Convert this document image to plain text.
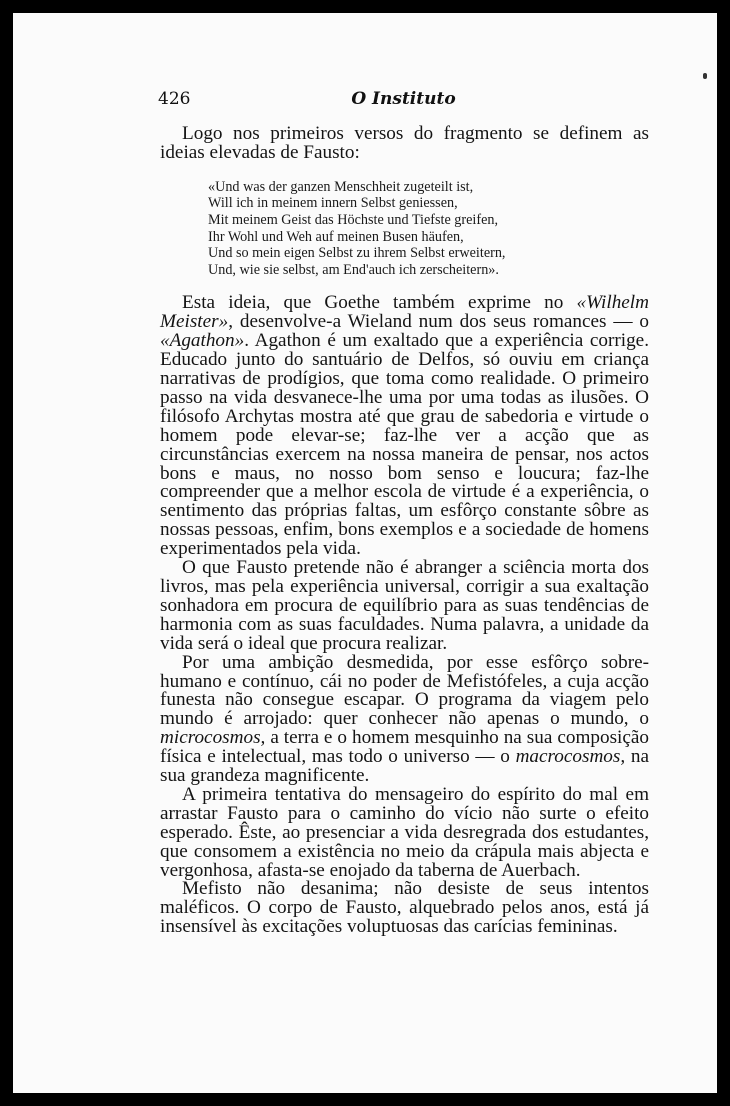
426	O Instituto

Logo nos primeiros versos do fragmento se definem as ideias elevadas de Fausto:

«Und was der ganzen Menschheit zugeteilt ist,
Will ich in meinem innern Selbst geniessen,
Mit meinem Geist das Höchste und Tiefste greifen,
Ihr Wohl und Weh auf meinen Busen häufen,
Und so mein eigen Selbst zu ihrem Selbst erweitern,
Und, wie sie selbst, am End'auch ich zerscheitern».

Esta ideia, que Goethe também exprime no «Wilhelm Meister», desenvolve-a Wieland num dos seus romances — o «Agathon». Agathon é um exaltado que a experiência corrige. Educado junto do santuário de Delfos, só ouviu em criança narrativas de prodígios, que toma como realidade. O primeiro passo na vida desvanece-lhe uma por uma todas as ilusões. O filósofo Archytas mostra até que grau de sabedoria e virtude o homem pode elevar-se; faz-lhe ver a acção que as circunstâncias exercem na nossa maneira de pensar, nos actos bons e maus, no nosso bom senso e loucura; faz-lhe compreender que a melhor escola de virtude é a experiência, o sentimento das próprias faltas, um esfôrço constante sôbre as nossas pessoas, enfim, bons exemplos e a sociedade de homens experimentados pela vida.

O que Fausto pretende não é abranger a sciência morta dos livros, mas pela experiência universal, corrigir a sua exaltação sonhadora em procura de equilíbrio para as suas tendências de harmonia com as suas faculdades. Numa palavra, a unidade da vida será o ideal que procura realizar.

Por uma ambição desmedida, por esse esfôrço sobre-humano e contínuo, cái no poder de Mefistófeles, a cuja acção funesta não consegue escapar. O programa da viagem pelo mundo é arrojado: quer conhecer não apenas o mundo, o microcosmos, a terra e o homem mesquinho na sua composição física e intelectual, mas todo o universo — o macrocosmos, na sua grandeza magnificente.

A primeira tentativa do mensageiro do espírito do mal em arrastar Fausto para o caminho do vício não surte o efeito esperado. Êste, ao presenciar a vida desregrada dos estudantes, que consomem a existência no meio da crápula mais abjecta e vergonhosa, afasta-se enojado da taberna de Auerbach.

Mefisto não desanima; não desiste de seus intentos maléficos. O corpo de Fausto, alquebrado pelos anos, está já insensível às excitações voluptuosas das carícias femininas.
